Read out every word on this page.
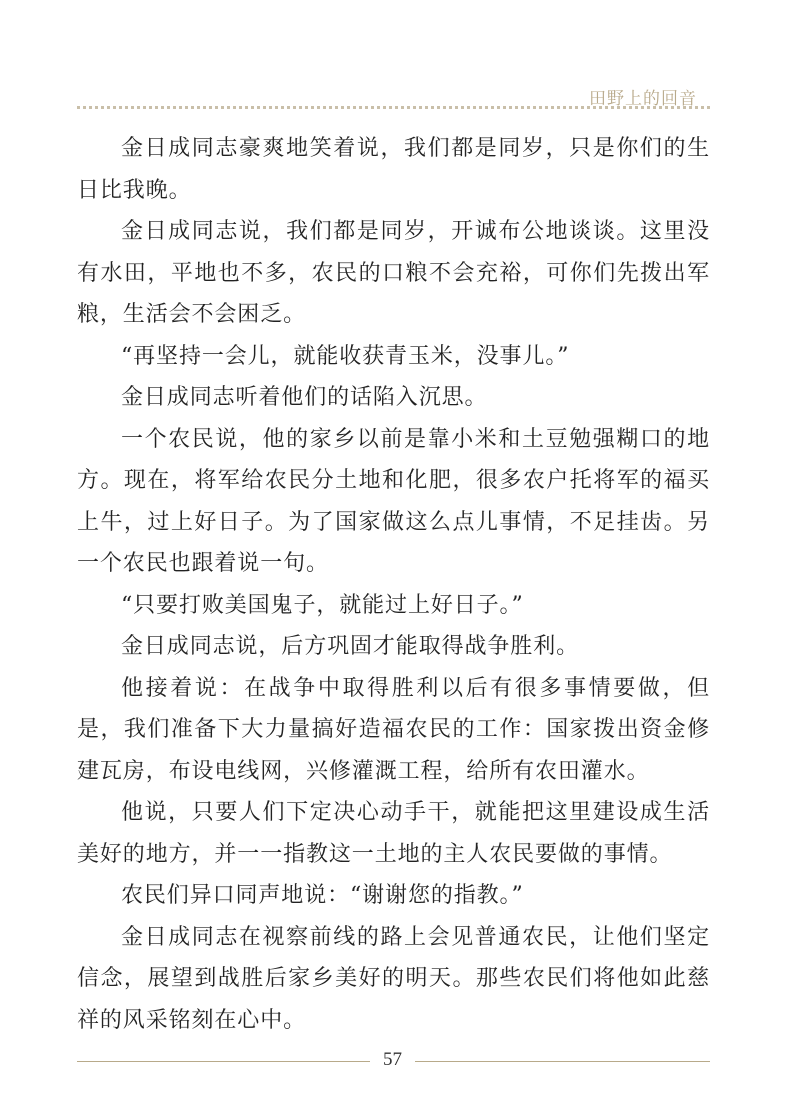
田野上的回音

金日成同志豪爽地笑着说，我们都是同岁，只是你们的生日比我晚。

金日成同志说，我们都是同岁，开诚布公地谈谈。这里没有水田，平地也不多，农民的口粮不会充裕，可你们先拨出军粮，生活会不会困乏。

“再坚持一会儿，就能收获青玉米，没事儿。”

金日成同志听着他们的话陷入沉思。

一个农民说，他的家乡以前是靠小米和土豆勉强糊口的地方。现在，将军给农民分土地和化肥，很多农户托将军的福买上牛，过上好日子。为了国家做这么点儿事情，不足挂齿。另一个农民也跟着说一句。

“只要打败美国鬼子，就能过上好日子。”

金日成同志说，后方巩固才能取得战争胜利。

他接着说：在战争中取得胜利以后有很多事情要做，但是，我们准备下大力量搞好造福农民的工作：国家拨出资金修建瓦房，布设电线网，兴修灌溉工程，给所有农田灌水。

他说，只要人们下定决心动手干，就能把这里建设成生活美好的地方，并一一指教这一土地的主人农民要做的事情。

农民们异口同声地说：“谢谢您的指教。”

金日成同志在视察前线的路上会见普通农民，让他们坚定信念，展望到战胜后家乡美好的明天。那些农民们将他如此慈祥的风采铭刻在心中。

57
